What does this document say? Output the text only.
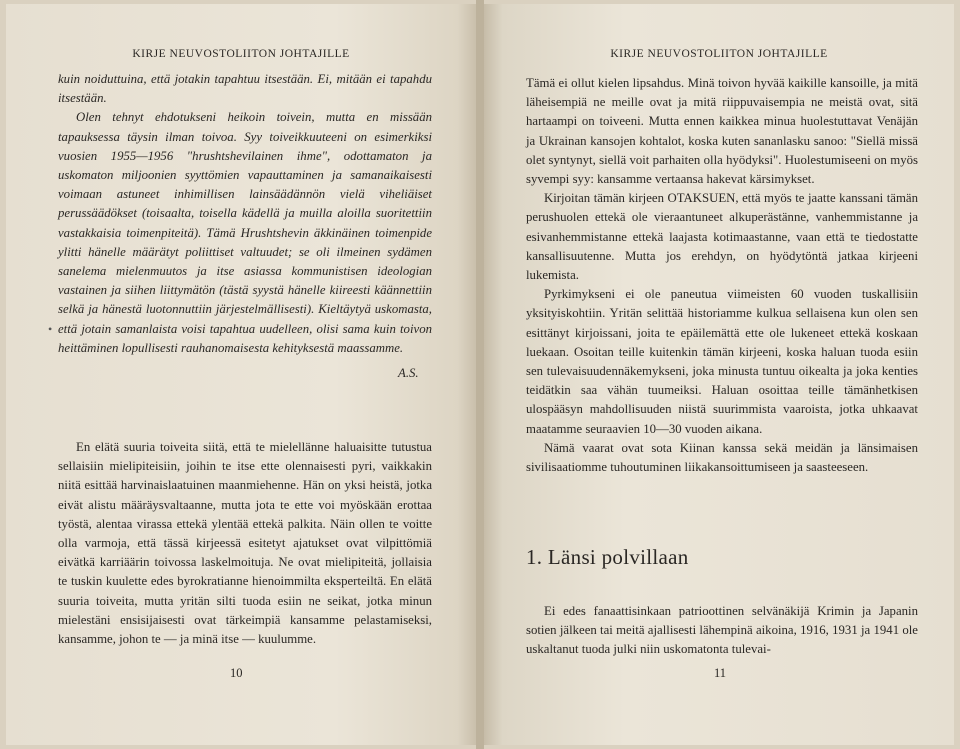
KIRJE NEUVOSTOLIITON JOHTAJILLE

kuin noiduttuina, että jotakin tapahtuu itsestään. Ei, mitään ei tapahdu itsestään.

Olen tehnyt ehdotukseni heikoin toivein, mutta en missään tapauksessa täysin ilman toivoa. Syy toiveikkuuteeni on esimerkiksi vuosien 1955—1956 "hrushtshevilainen ihme", odottamaton ja uskomaton miljoonien syyttömien vapauttaminen ja samanaikaisesti voimaan astuneet inhimillisen lainsäädännön vielä viheliäiset perussäädökset (toisaalta, toisella kädellä ja muilla aloilla suoritettiin vastakkaisia toimenpiteitä). Tämä Hrushtshevin äkkinäinen toimenpide ylitti hänelle määrätyt poliittiset valtuudet; se oli ilmeinen sydämen sanelema mielenmuutos ja itse asiassa kommunistisen ideologian vastainen ja siihen liittymätön (tästä syystä hänelle kiireesti käännettiin selkä ja hänestä luotonnuttiin järjestelmällisesti). Kieltäytyä uskomasta, että jotain samanlaista voisi tapahtua uudelleen, olisi sama kuin toivon heittäminen lopullisesti rauhanomaisesta kehityksestä maassamme.

•
A.S.

En elätä suuria toiveita siitä, että te mielellänne haluaisitte tutustua sellaisiin mielipiteisiin, joihin te itse ette olennaisesti pyri, vaikkakin niitä esittää harvinaislaatuinen maanmiehenne. Hän on yksi heistä, jotka eivät alistu määräysvaltaanne, mutta jota te ette voi myöskään erottaa työstä, alentaa virassa ettekä ylentää ettekä palkita. Näin ollen te voitte olla varmoja, että tässä kirjeessä esitetyt ajatukset ovat vilpittömiä eivätkä karriäärin toivossa laskelmoituja. Ne ovat mielipiteitä, jollaisia te tuskin kuulette edes byrokratianne hienoimmilta eksperteiltä. En elätä suuria toiveita, mutta yritän silti tuoda esiin ne seikat, jotka minun mielestäni ensisijaisesti ovat tärkeimpiä kansamme pelastamiseksi, kansamme, johon te — ja minä itse — kuulumme.

10
KIRJE NEUVOSTOLIITON JOHTAJILLE

Tämä ei ollut kielen lipsahdus. Minä toivon hyvää kaikille kansoille, ja mitä läheisempiä ne meille ovat ja mitä riippuvaisempia ne meistä ovat, sitä hartaampi on toiveeni. Mutta ennen kaikkea minua huolestuttavat Venäjän ja Ukrainan kansojen kohtalot, koska kuten sananlasku sanoo: "Siellä missä olet syntynyt, siellä voit parhaiten olla hyödyksi". Huolestumiseeni on myös syvempi syy: kansamme vertaansa hakevat kärsimykset.

Kirjoitan tämän kirjeen OTAKSUEN, että myös te jaatte kanssani tämän perushuolen ettekä ole vieraantuneet alkuperästänne, vanhemmistanne ja esivanhemmistanne ettekä laajasta kotimaastanne, vaan että te tiedostatte kansallisuutenne. Mutta jos erehdyn, on hyödytöntä jatkaa kirjeeni lukemista.

Pyrkimykseni ei ole paneutua viimeisten 60 vuoden tuskallisiin yksityiskohtiin. Yritän selittää historiamme kulkua sellaisena kun olen sen esittänyt kirjoissani, joita te epäilemättä ette ole lukeneet ettekä koskaan luekaan. Osoitan teille kuitenkin tämän kirjeeni, koska haluan tuoda esiin sen tulevaisuudennäkemykseni, joka minusta tuntuu oikealta ja joka kenties teidätkin saa vähän tuumeiksi. Haluan osoittaa teille tämänhetkisen ulospääsyn mahdollisuuden niistä suurimmista vaaroista, jotka uhkaavat maatamme seuraavien 10—30 vuoden aikana.

Nämä vaarat ovat sota Kiinan kanssa sekä meidän ja länsimaisen sivilisaatiomme tuhoutuminen liikakansoittumiseen ja saasteeseen.

1. Länsi polvillaan

Ei edes fanaattisinkaan patrioottinen selvänäkijä Krimin ja Japanin sotien jälkeen tai meitä ajallisesti lähempinä aikoina, 1916, 1931 ja 1941 ole uskaltanut tuoda julki niin uskomatonta tulevai-

11
